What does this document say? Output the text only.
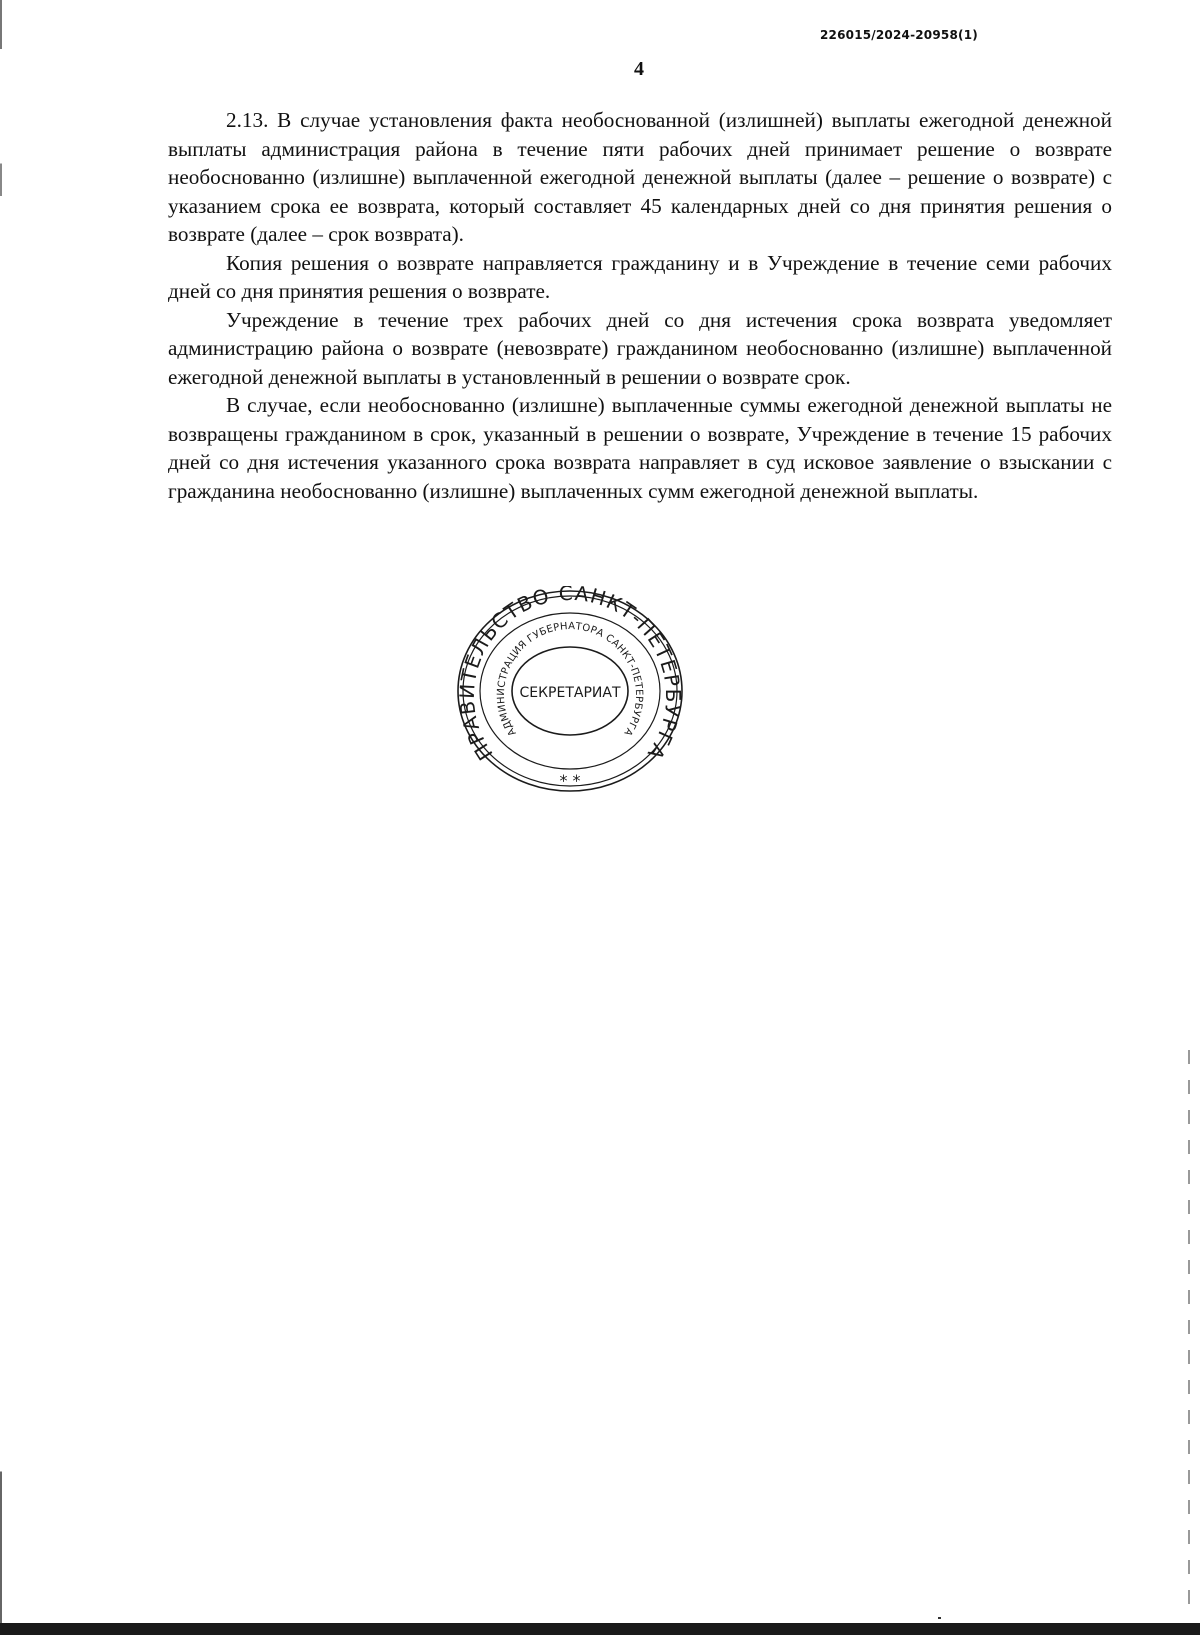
226015/2024-20958(1)
4

2.13. В случае установления факта необоснованной (излишней) выплаты ежегодной денежной выплаты администрация района в течение пяти рабочих дней принимает решение о возврате необоснованно (излишне) выплаченной ежегодной денежной выплаты (далее – решение о возврате) с указанием срока ее возврата, который составляет 45 календарных дней со дня принятия решения о возврате (далее – срок возврата).

Копия решения о возврате направляется гражданину и в Учреждение в течение семи рабочих дней со дня принятия решения о возврате.

Учреждение в течение трех рабочих дней со дня истечения срока возврата уведомляет администрацию района о возврате (невозврате) гражданином необоснованно (излишне) выплаченной ежегодной денежной выплаты в установленный в решении о возврате срок.

В случае, если необоснованно (излишне) выплаченные суммы ежегодной денежной выплаты не возвращены гражданином в срок, указанный в решении о возврате, Учреждение в течение 15 рабочих дней со дня истечения указанного срока возврата направляет в суд исковое заявление о взыскании с гражданина необоснованно (излишне) выплаченных сумм ежегодной денежной выплаты.

ПРАВИТЕЛЬСТВО САНКТ-ПЕТЕРБУРГА
АДМИНИСТРАЦИЯ ГУБЕРНАТОРА САНКТ-ПЕТЕРБУРГА
СЕКРЕТАРИАТ
* *
